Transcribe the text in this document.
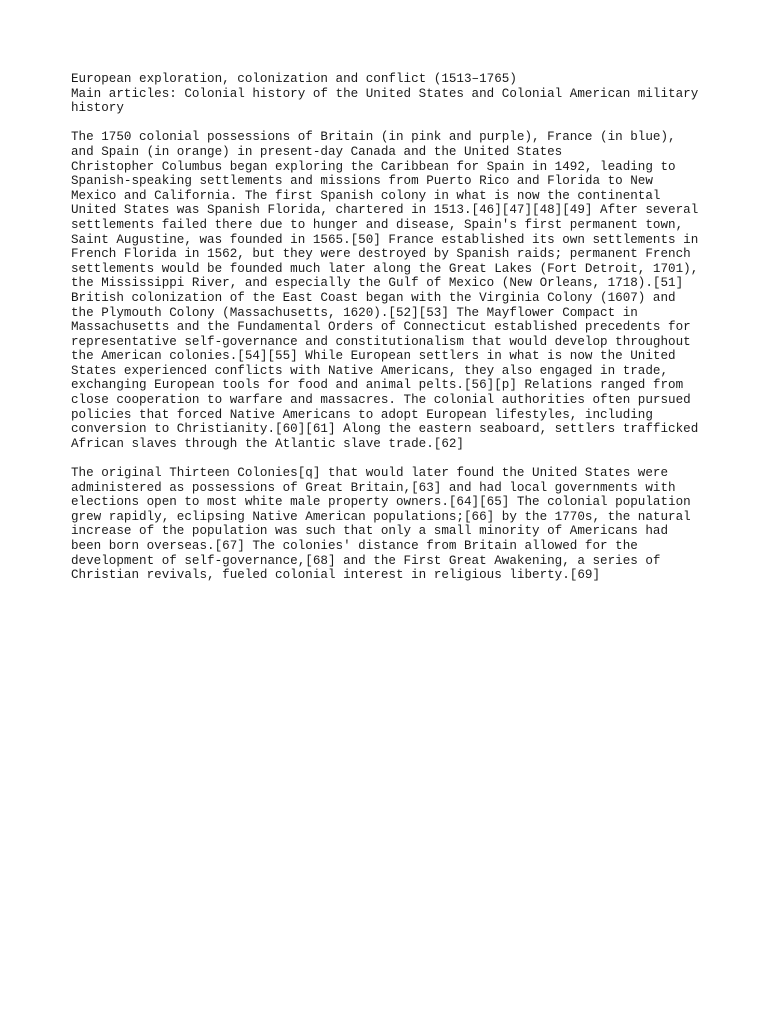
European exploration, colonization and conflict (1513–1765)
Main articles: Colonial history of the United States and Colonial American military
history
The 1750 colonial possessions of Britain (in pink and purple), France (in blue),
and Spain (in orange) in present-day Canada and the United States
Christopher Columbus began exploring the Caribbean for Spain in 1492, leading to
Spanish-speaking settlements and missions from Puerto Rico and Florida to New
Mexico and California. The first Spanish colony in what is now the continental
United States was Spanish Florida, chartered in 1513.[46][47][48][49] After several
settlements failed there due to hunger and disease, Spain's first permanent town,
Saint Augustine, was founded in 1565.[50] France established its own settlements in
French Florida in 1562, but they were destroyed by Spanish raids; permanent French
settlements would be founded much later along the Great Lakes (Fort Detroit, 1701),
the Mississippi River, and especially the Gulf of Mexico (New Orleans, 1718).[51]
British colonization of the East Coast began with the Virginia Colony (1607) and
the Plymouth Colony (Massachusetts, 1620).[52][53] The Mayflower Compact in
Massachusetts and the Fundamental Orders of Connecticut established precedents for
representative self-governance and constitutionalism that would develop throughout
the American colonies.[54][55] While European settlers in what is now the United
States experienced conflicts with Native Americans, they also engaged in trade,
exchanging European tools for food and animal pelts.[56][p] Relations ranged from
close cooperation to warfare and massacres. The colonial authorities often pursued
policies that forced Native Americans to adopt European lifestyles, including
conversion to Christianity.[60][61] Along the eastern seaboard, settlers trafficked
African slaves through the Atlantic slave trade.[62]
The original Thirteen Colonies[q] that would later found the United States were
administered as possessions of Great Britain,[63] and had local governments with
elections open to most white male property owners.[64][65] The colonial population
grew rapidly, eclipsing Native American populations;[66] by the 1770s, the natural
increase of the population was such that only a small minority of Americans had
been born overseas.[67] The colonies' distance from Britain allowed for the
development of self-governance,[68] and the First Great Awakening, a series of
Christian revivals, fueled colonial interest in religious liberty.[69]
